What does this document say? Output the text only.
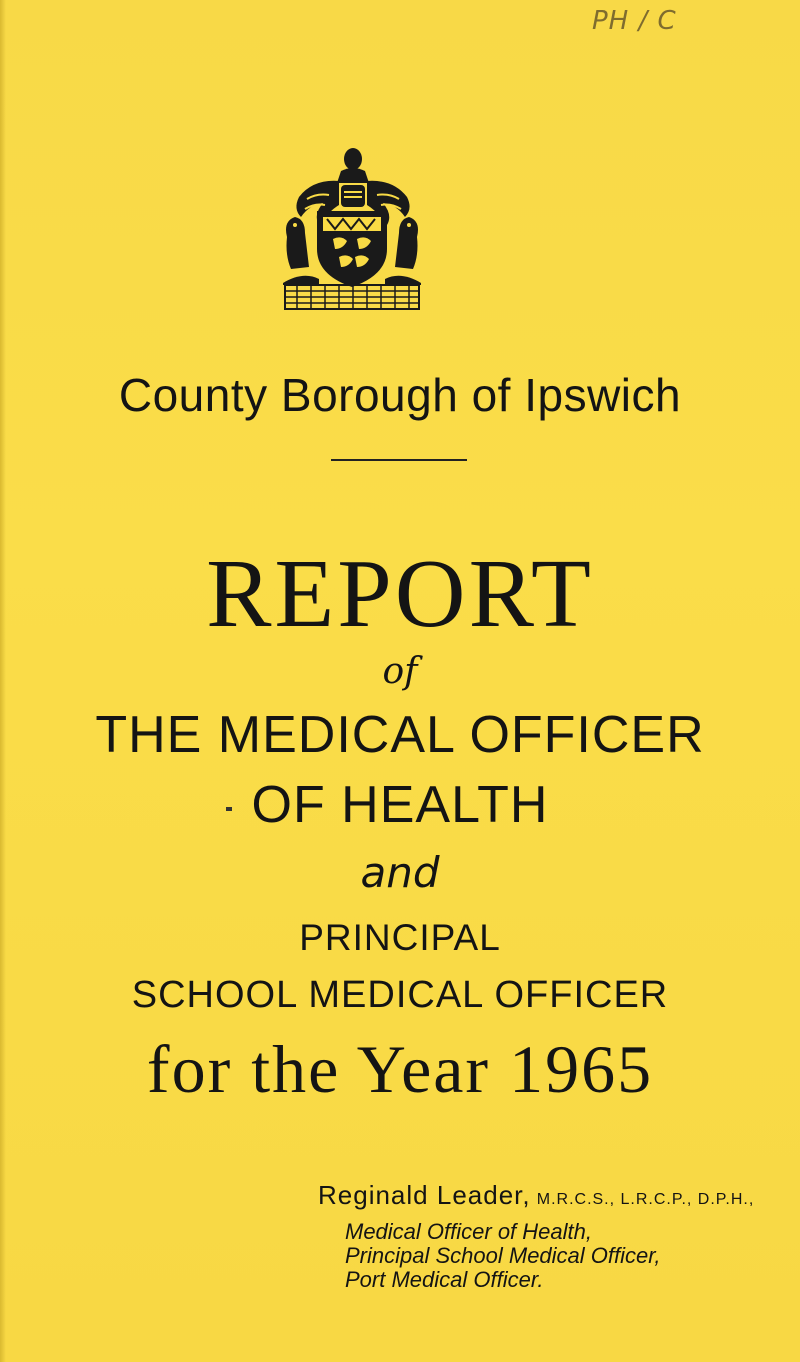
PH / C
County Borough of Ipswich
REPORT
of
THE MEDICAL OFFICER
OF HEALTH
and
PRINCIPAL
SCHOOL MEDICAL OFFICER
for the Year 1965
Reginald Leader, M.R.C.S., L.R.C.P., D.P.H.,
Medical Officer of Health,
Principal School Medical Officer,
Port Medical Officer.
